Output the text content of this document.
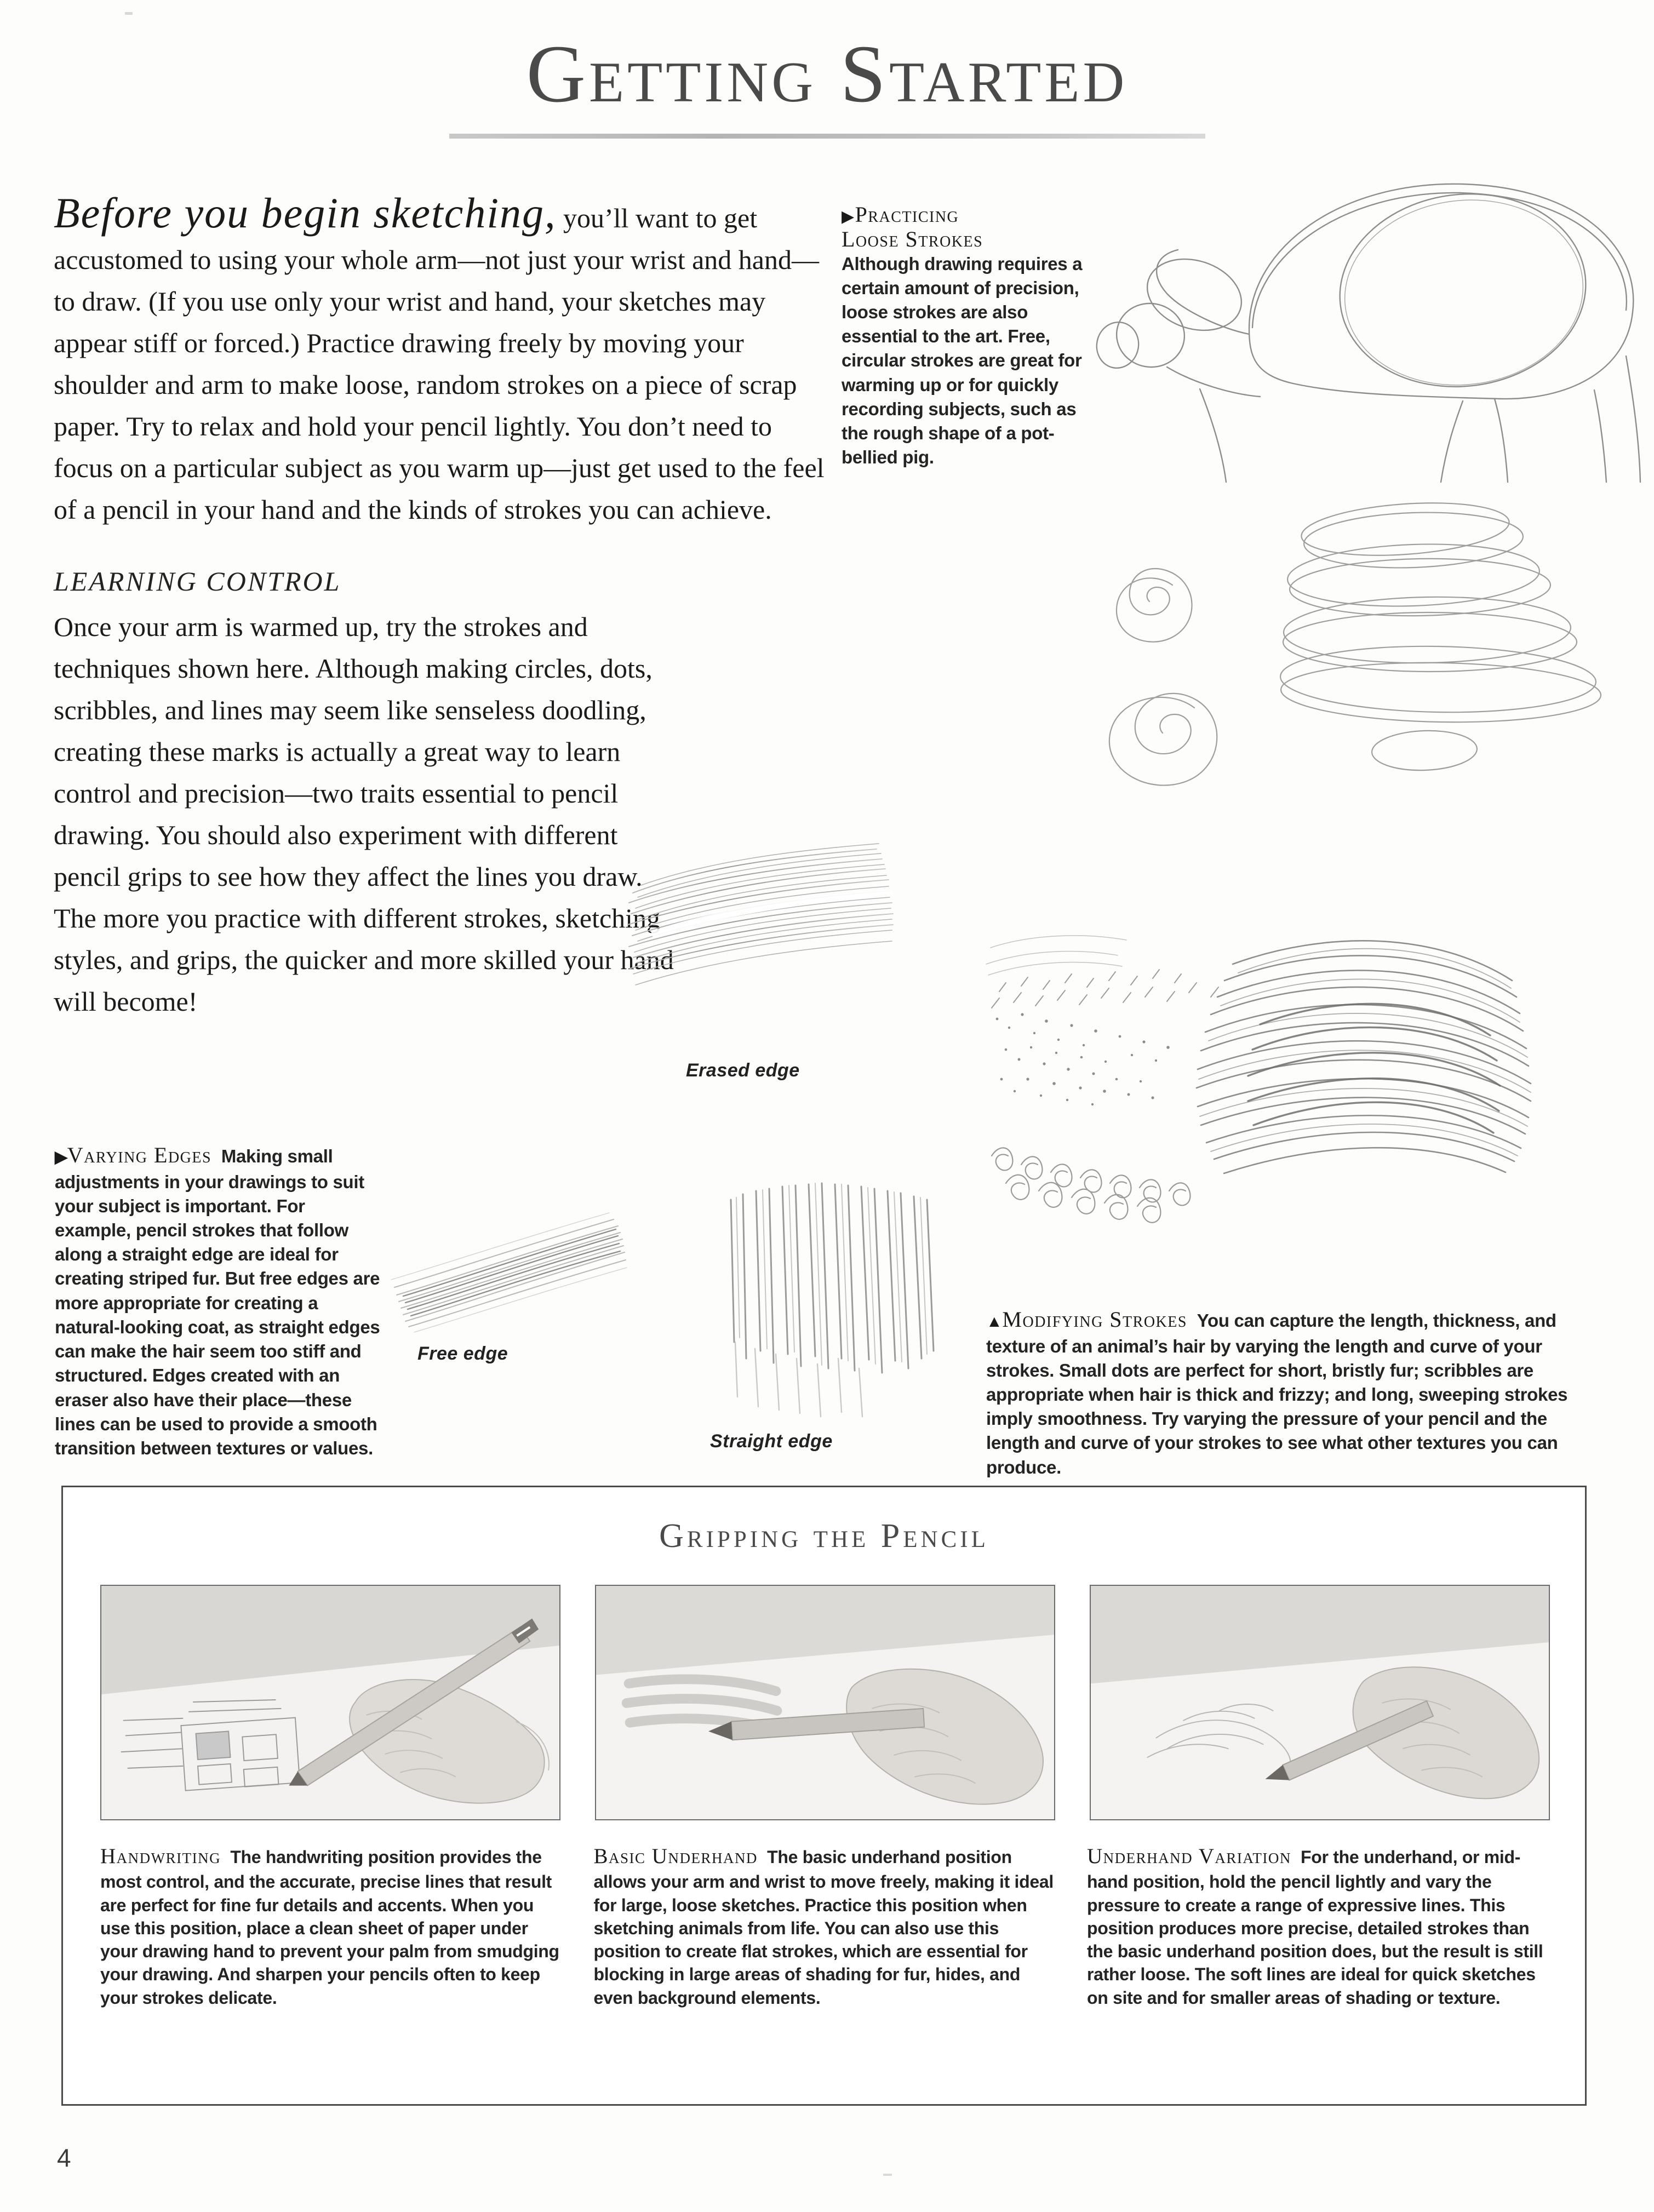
Getting Started

Before you begin sketching, you’ll want to get accustomed to using your whole arm—not just your wrist and hand—to draw. (If you use only your wrist and hand, your sketches may appear stiff or forced.) Practice drawing freely by moving your shoulder and arm to make loose, random strokes on a piece of scrap paper. Try to relax and hold your pencil lightly. You don’t need to focus on a particular subject as you warm up—just get used to the feel of a pencil in your hand and the kinds of strokes you can achieve.

LEARNING CONTROL

Once your arm is warmed up, try the strokes and techniques shown here. Although making circles, dots, scribbles, and lines may seem like senseless doodling, creating these marks is actually a great way to learn control and precision—two traits essential to pencil drawing. You should also experiment with different pencil grips to see how they affect the lines you draw. The more you practice with different strokes, sketching styles, and grips, the quicker and more skilled your hand will become!

▶Practicing
Loose Strokes
Although drawing requires a certain amount of precision, loose strokes are also essential to the art. Free, circular strokes are great for warming up or for quickly recording subjects, such as the rough shape of a pot-bellied pig.
▶Varying Edges Making small adjustments in your drawings to suit your subject is important. For example, pencil strokes that follow along a straight edge are ideal for creating striped fur. But free edges are more appropriate for creating a natural-looking coat, as straight edges can make the hair seem too stiff and structured. Edges created with an eraser also have their place—these lines can be used to provide a smooth transition between textures or values.
▲Modifying Strokes You can capture the length, thickness, and texture of an animal’s hair by varying the length and curve of your strokes. Small dots are perfect for short, bristly fur; scribbles are appropriate when hair is thick and frizzy; and long, sweeping strokes imply smoothness. Try varying the pressure of your pencil and the length and curve of your strokes to see what other textures you can produce.
Erased edge
Free edge
Straight edge
Gripping the Pencil
Handwriting The handwriting position provides the most control, and the accurate, precise lines that result are perfect for fine fur details and accents. When you use this position, place a clean sheet of paper under your drawing hand to prevent your palm from smudging your drawing. And sharpen your pencils often to keep your strokes delicate.
Basic Underhand The basic underhand position allows your arm and wrist to move freely, making it ideal for large, loose sketches. Practice this position when sketching animals from life. You can also use this position to create flat strokes, which are essential for blocking in large areas of shading for fur, hides, and even background elements.
Underhand Variation For the underhand, or mid-hand position, hold the pencil lightly and vary the pressure to create a range of expressive lines. This position produces more precise, detailed strokes than the basic underhand position does, but the result is still rather loose. The soft lines are ideal for quick sketches on site and for smaller areas of shading or texture.
4
